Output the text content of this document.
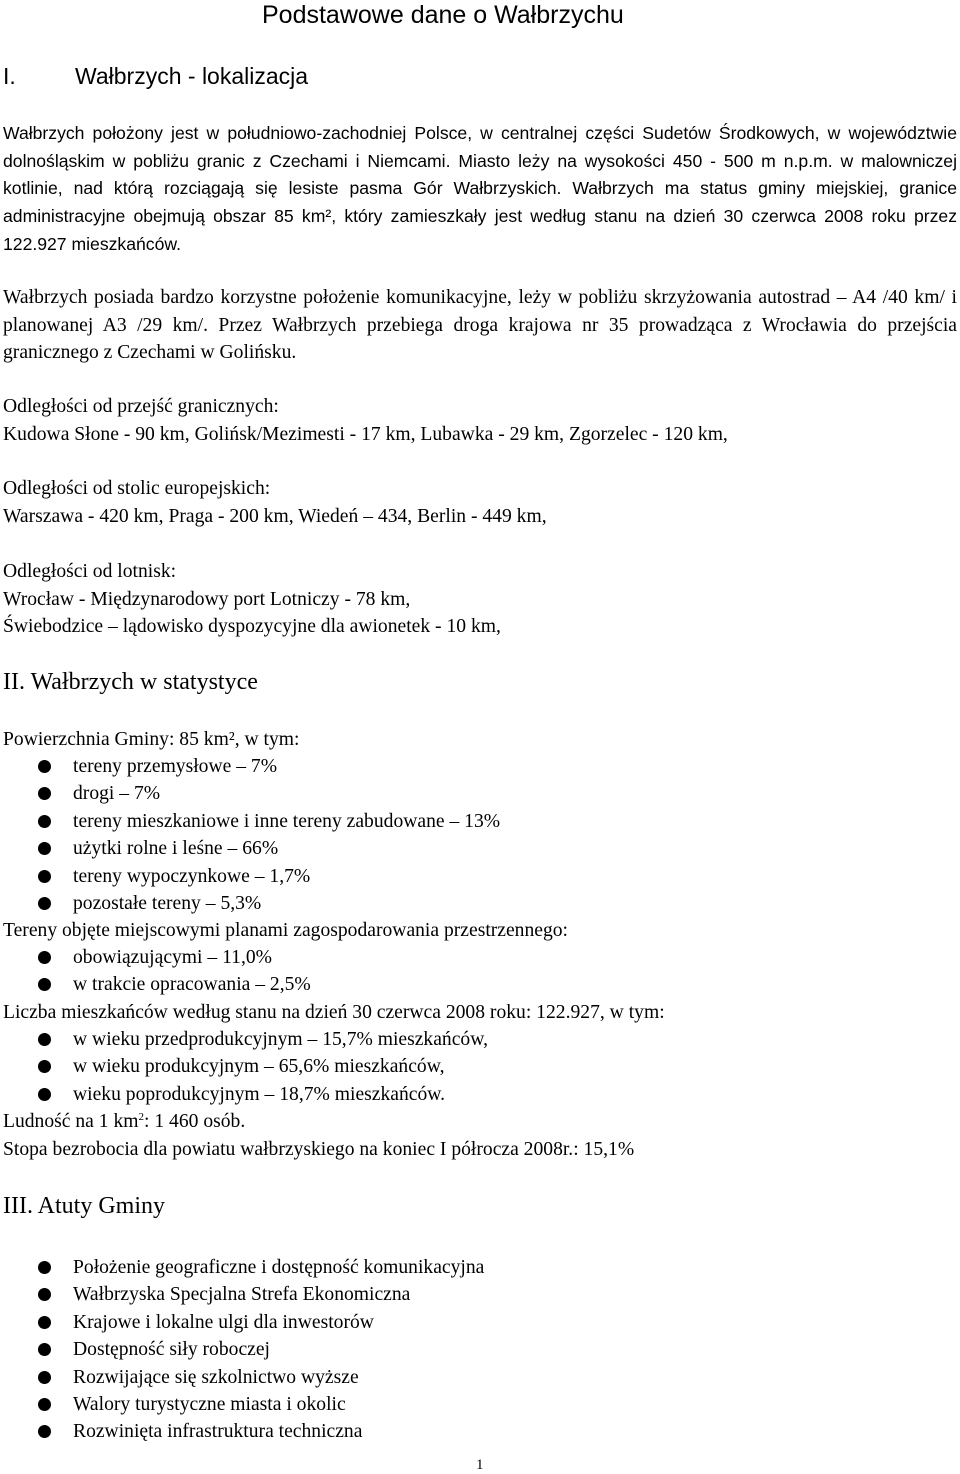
Podstawowe dane o Wałbrzychu
I.	Wałbrzych - lokalizacja

Wałbrzych położony jest w południowo-zachodniej Polsce, w centralnej części Sudetów Środkowych, w województwie dolnośląskim w pobliżu granic z Czechami i Niemcami. Miasto leży na wysokości 450 - 500 m n.p.m. w malowniczej kotlinie, nad którą rozciągają się lesiste pasma Gór Wałbrzyskich. Wałbrzych ma status gminy miejskiej, granice administracyjne obejmują obszar 85 km², który zamieszkały jest według stanu na dzień 30 czerwca 2008 roku przez 122.927 mieszkańców.

Wałbrzych posiada bardzo korzystne położenie komunikacyjne, leży w pobliżu skrzyżowania autostrad – A4 /40 km/ i planowanej A3 /29 km/. Przez Wałbrzych przebiega droga krajowa nr 35 prowadząca z Wrocławia do przejścia granicznego z Czechami w Golińsku.

Odległości od przejść granicznych:
Kudowa Słone - 90 km, Golińsk/Mezimesti - 17 km, Lubawka - 29 km, Zgorzelec - 120 km,
Odległości od stolic europejskich:
Warszawa - 420 km, Praga - 200 km, Wiedeń – 434, Berlin - 449 km,
Odległości od lotnisk:
Wrocław - Międzynarodowy port Lotniczy - 78 km,
Świebodzice – lądowisko dyspozycyjne dla awionetek - 10 km,
II. Wałbrzych w statystyce
Powierzchnia Gminy: 85 km², w tym:
tereny przemysłowe – 7%
drogi – 7%
tereny mieszkaniowe i inne tereny zabudowane – 13%
użytki rolne i leśne – 66%
tereny wypoczynkowe – 1,7%
pozostałe tereny – 5,3%
Tereny objęte miejscowymi planami zagospodarowania przestrzennego:
obowiązującymi – 11,0%
w trakcie opracowania – 2,5%
Liczba mieszkańców według stanu na dzień 30 czerwca 2008 roku: 122.927, w tym:
w wieku przedprodukcyjnym – 15,7% mieszkańców,
w wieku produkcyjnym – 65,6% mieszkańców,
wieku poprodukcyjnym – 18,7% mieszkańców.
Ludność na 1 $km^2$: 1 460 osób.
Stopa bezrobocia dla powiatu wałbrzyskiego na koniec I półrocza 2008r.: 15,1%
III. Atuty Gminy
Położenie geograficzne i dostępność komunikacyjna
Wałbrzyska Specjalna Strefa Ekonomiczna
Krajowe i lokalne ulgi dla inwestorów
Dostępność siły roboczej
Rozwijające się szkolnictwo wyższe
Walory turystyczne miasta i okolic
Rozwinięta infrastruktura techniczna
1
